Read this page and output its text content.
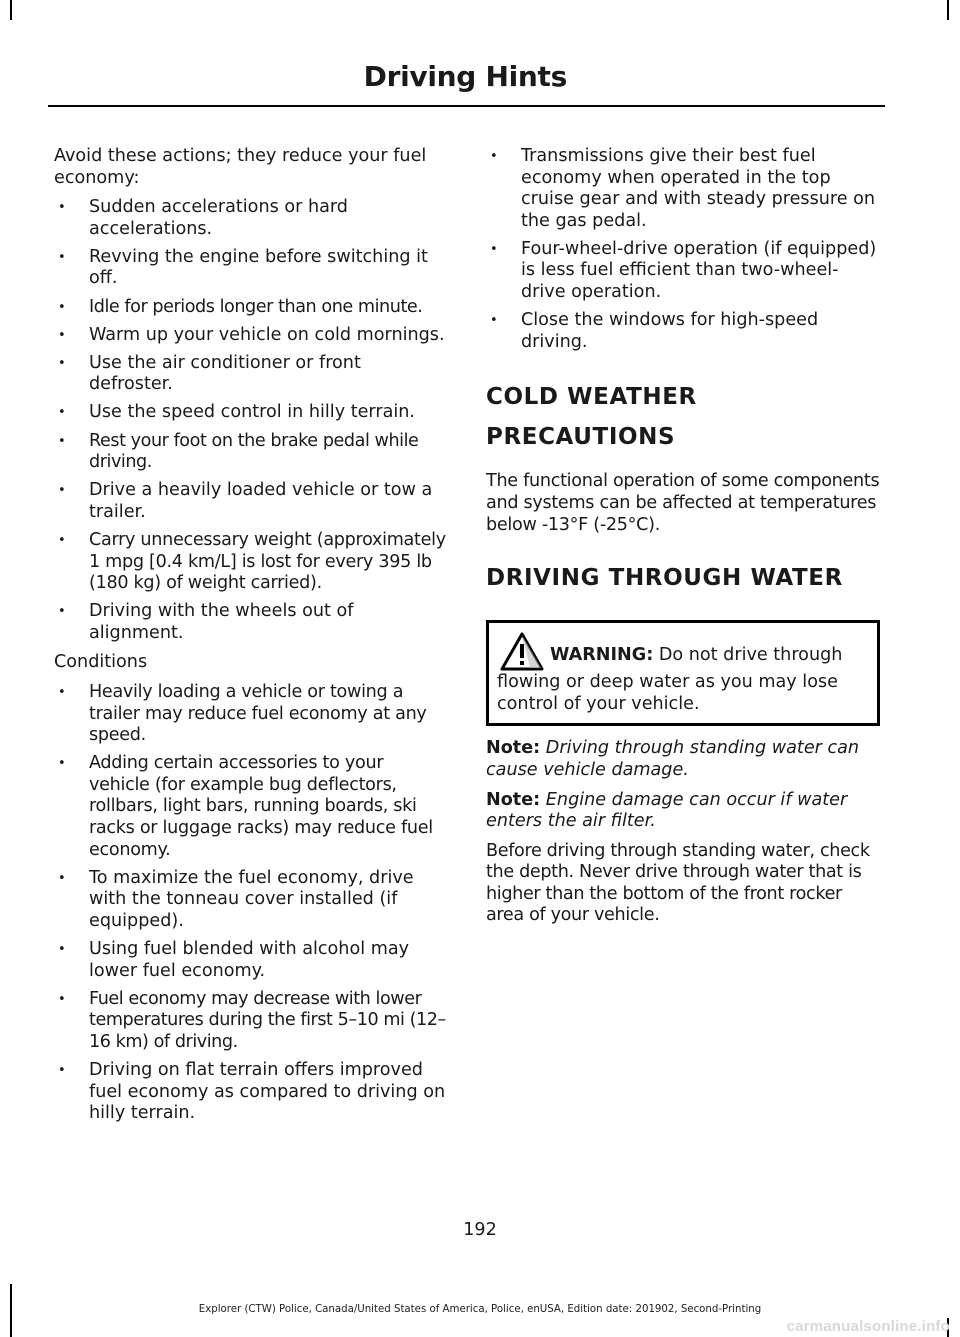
Driving Hints

Avoid these actions; they reduce your fuel economy:

• Sudden accelerations or hard accelerations.
• Revving the engine before switching it off.
• Idle for periods longer than one minute.
• Warm up your vehicle on cold mornings.
• Use the air conditioner or front defroster.
• Use the speed control in hilly terrain.
• Rest your foot on the brake pedal while driving.
• Drive a heavily loaded vehicle or tow a trailer.
• Carry unnecessary weight (approximately 1 mpg [0.4 km/L] is lost for every 395 lb (180 kg) of weight carried).
• Driving with the wheels out of alignment.

Conditions

• Heavily loading a vehicle or towing a trailer may reduce fuel economy at any speed.
• Adding certain accessories to your vehicle (for example bug deflectors, rollbars, light bars, running boards, ski racks or luggage racks) may reduce fuel economy.
• To maximize the fuel economy, drive with the tonneau cover installed (if equipped).
• Using fuel blended with alcohol may lower fuel economy.
• Fuel economy may decrease with lower temperatures during the first 5–10 mi (12–16 km) of driving.
• Driving on flat terrain offers improved fuel economy as compared to driving on hilly terrain.
• Transmissions give their best fuel economy when operated in the top cruise gear and with steady pressure on the gas pedal.
• Four-wheel-drive operation (if equipped) is less fuel efficient than two-wheel-drive operation.
• Close the windows for high-speed driving.
COLD WEATHER
PRECAUTIONS

The functional operation of some components and systems can be affected at temperatures below -13°F (-25°C).

DRIVING THROUGH WATER
WARNING: Do not drive through flowing or deep water as you may lose control of your vehicle.

Note: Driving through standing water can cause vehicle damage.

Note: Engine damage can occur if water enters the air filter.

Before driving through standing water, check the depth. Never drive through water that is higher than the bottom of the front rocker area of your vehicle.

192
Explorer (CTW) Police, Canada/United States of America, Police, enUSA, Edition date: 201902, Second-Printing
carmanualsonline.info
